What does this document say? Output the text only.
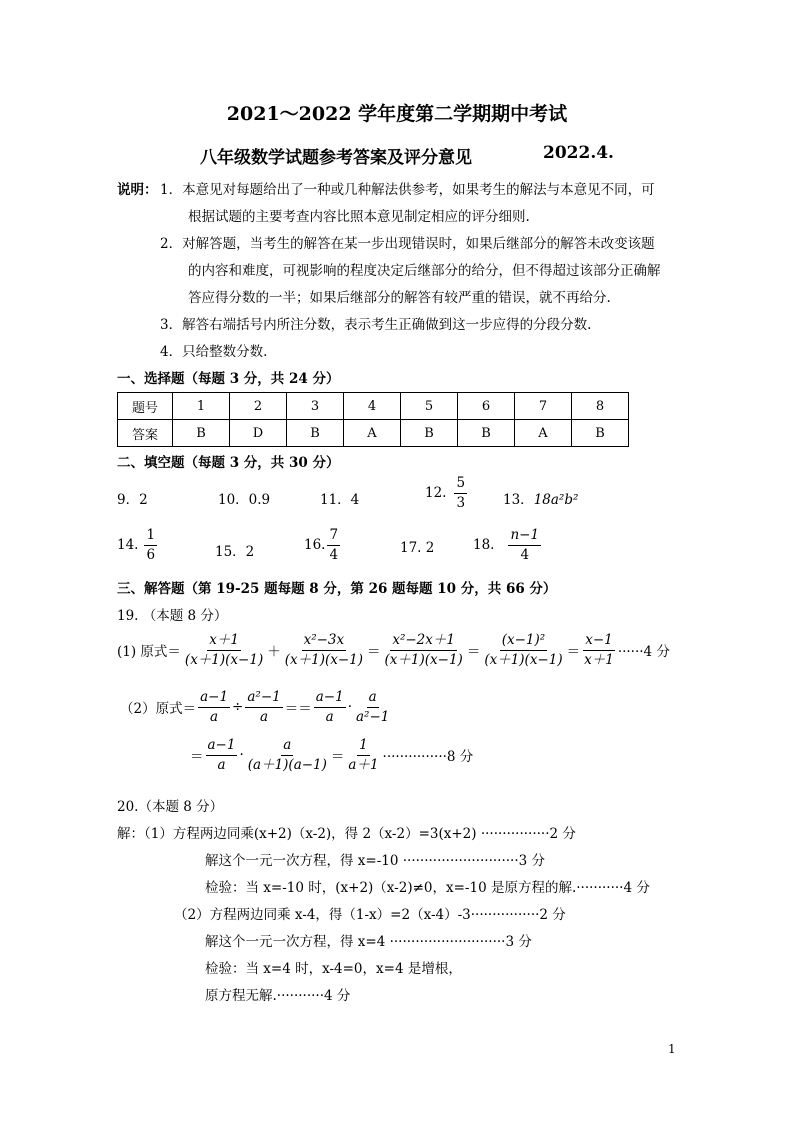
2021～2022 学年度第二学期期中考试
八年级数学试题参考答案及评分意见	2022.4.
说明： 1．本意见对每题给出了一种或几种解法供参考，如果考生的解法与本意见不同，可
根据试题的主要考查内容比照本意见制定相应的评分细则.
2．对解答题，当考生的解答在某一步出现错误时，如果后继部分的解答未改变该题
的内容和难度，可视影响的程度决定后继部分的给分，但不得超过该部分正确解
答应得分数的一半；如果后继部分的解答有较严重的错误，就不再给分.
3．解答右端括号内所注分数，表示考生正确做到这一步应得的分段分数.
4．只给整数分数.
一、选择题（每题 3 分，共 24 分）
题号	1	2	3	4	5	6	7	8
答案	B	D	B	A	B	B	A	B
二、填空题（每题 3 分，共 30 分）
9．2	10．0.9	11．4	12. $\frac{5}{3}$	13．18a²b²
14. $\frac{1}{6}$	15．2	16. $\frac{7}{4}$	17. 2	18. $\frac{n-1}{4}$
三、解答题（第 19-25 题每题 8 分，第 26 题每题 10 分，共 66 分）
19. （本题 8 分）
(1) 原式＝ $\frac{x+1}{(x+1)(x-1)} + \frac{\text{x²−3x}}{(x+1)(x-1)} = \frac{\text{x²−2x＋1}}{(x+1)(x-1)} = \frac{\text{(x−1)²}}{(x+1)(x-1)} = \frac{x-1}{x+1} \cdot\cdot\cdot\cdot\cdot\cdot 4$ 分
（2）原式＝ $\frac{a-1}{a} \div \frac{\text{a²−1}}{a} == \frac{a-1}{a} \cdot \frac{a}{\text{a²−1}}$
＝ $\frac{a-1}{a} \cdot \frac{a}{(a+1)(a-1)} = \frac{1}{a+1} \cdot\cdot\cdot\cdot\cdot\cdot\cdot\cdot\cdot\cdot\cdot\cdot\cdot\cdot\cdot 8$ 分
20.（本题 8 分）
解：（1）方程两边同乘(x+2)（x-2)，得 2（x-2）=3(x+2) ················2 分
解这个一元一次方程，得 x=-10 ···························3 分
检验：当 x=-10 时，(x+2)（x-2)≠0，x=-10 是原方程的解.···········4 分
（2）方程两边同乘 x-4，得（1-x）=2（x-4）-3················2 分
解这个一元一次方程，得 x=4 ···························3 分
检验：当 x=4 时，x-4=0，x=4 是增根，
原方程无解.···········4 分
1
